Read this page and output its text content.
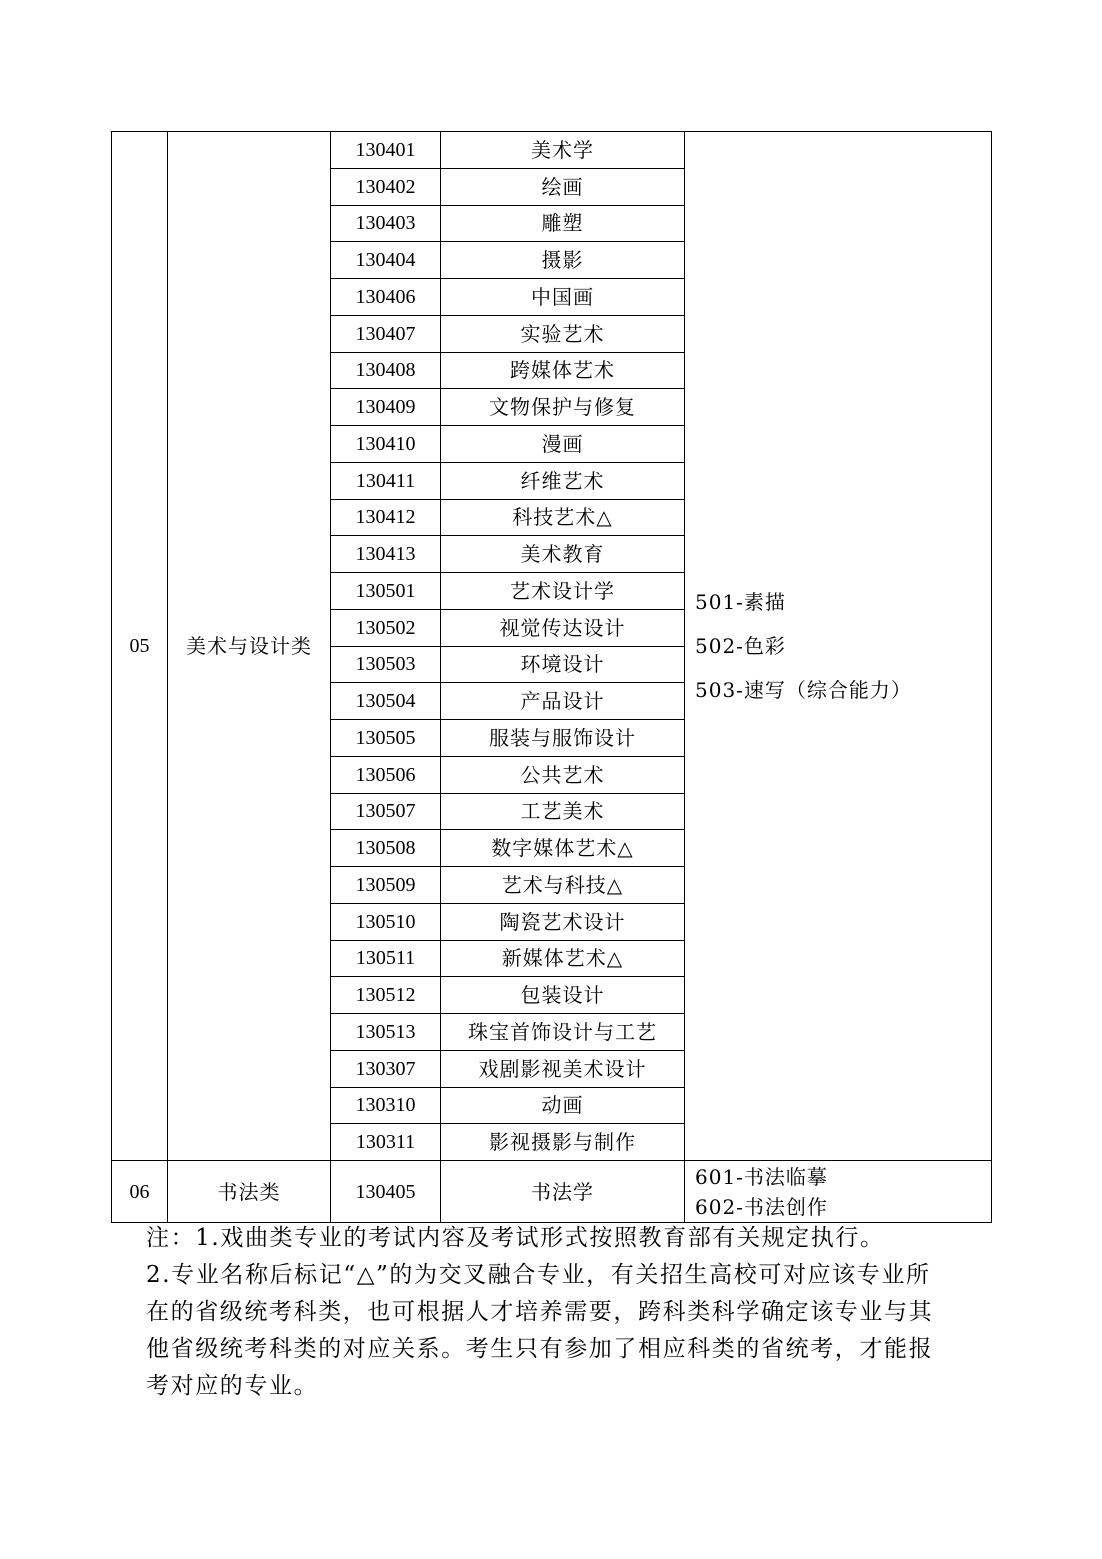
05	美术与设计类	130401	美术学	501-素描
502-色彩
503-速写（综合能力）

		130402	绘画	
		130403	雕塑	
		130404	摄影	
		130406	中国画	
		130407	实验艺术	
		130408	跨媒体艺术	
		130409	文物保护与修复	
		130410	漫画	
		130411	纤维艺术	
		130412	科技艺术△	
		130413	美术教育	
		130501	艺术设计学	
		130502	视觉传达设计	
		130503	环境设计	
		130504	产品设计	
		130505	服装与服饰设计	
		130506	公共艺术	
		130507	工艺美术	
		130508	数字媒体艺术△	
		130509	艺术与科技△	
		130510	陶瓷艺术设计	
		130511	新媒体艺术△	
		130512	包装设计	
		130513	珠宝首饰设计与工艺	
		130307	戏剧影视美术设计	
		130310	动画	
		130311	影视摄影与制作	
06	书法类	130405	书法学	601-书法临摹
602-书法创作
注：1.戏曲类专业的考试内容及考试形式按照教育部有关规定执行。
2.专业名称后标记“△”的为交叉融合专业，有关招生高校可对应该专业所
在的省级统考科类，也可根据人才培养需要，跨科类科学确定该专业与其
他省级统考科类的对应关系。考生只有参加了相应科类的省统考，才能报
考对应的专业。
